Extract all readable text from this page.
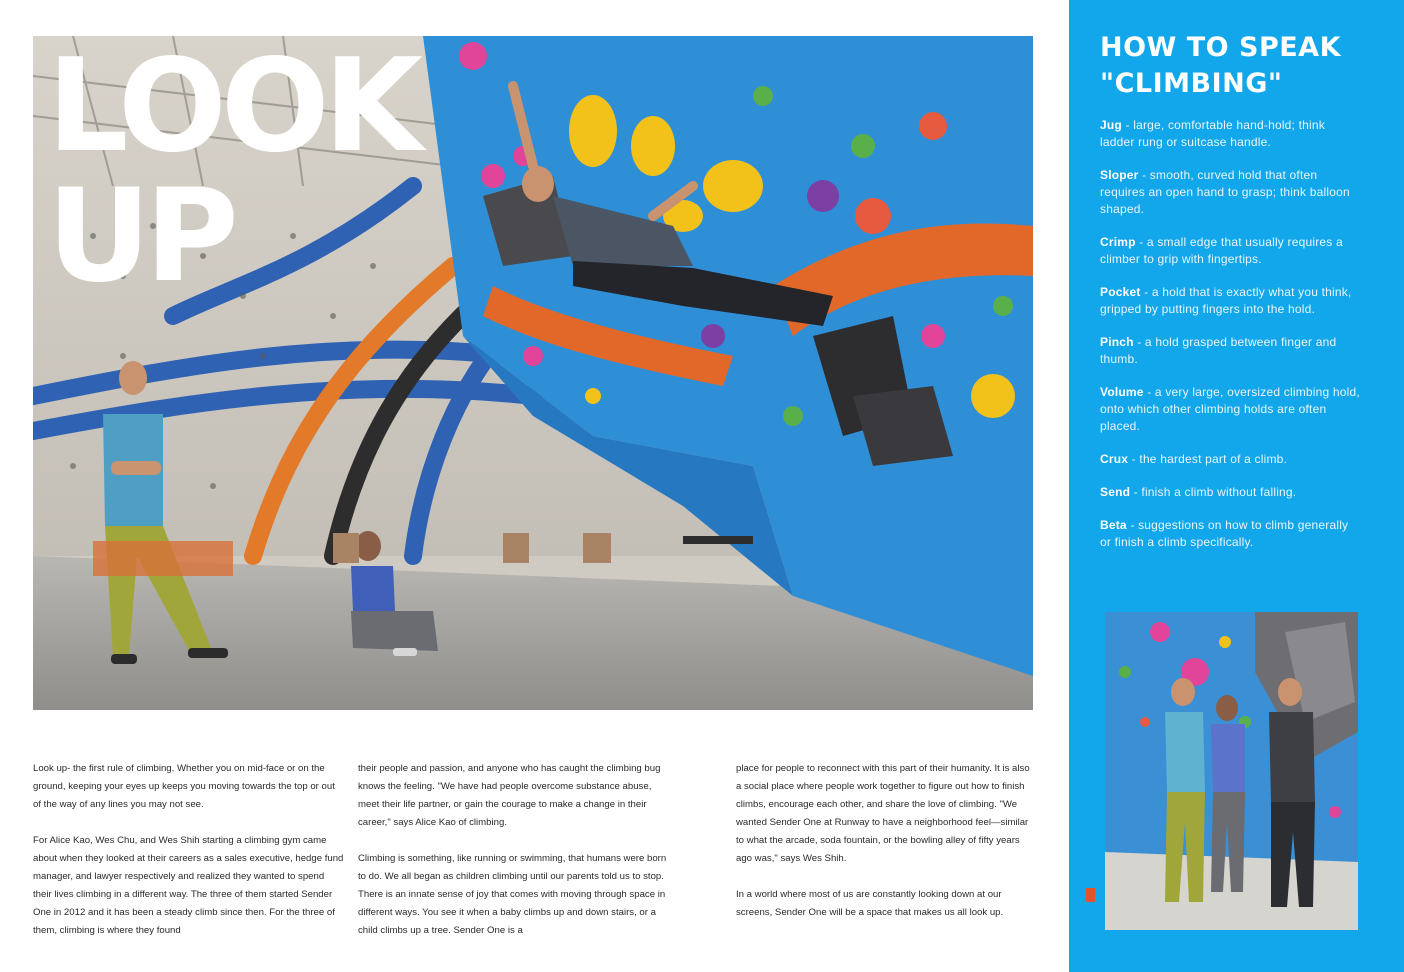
LOOK
UP

Look up- the first rule of climbing. Whether you on mid-face or on the ground, keeping your eyes up keeps you moving towards the top or out of the way of any lines you may not see.

For Alice Kao, Wes Chu, and Wes Shih starting a climbing gym came about when they looked at their careers as a sales executive, hedge fund manager, and lawyer respectively and realized they wanted to spend their lives climbing in a different way. The three of them started Sender One in 2012 and it has been a steady climb since then. For the three of them, climbing is where they found

their people and passion, and anyone who has caught the climbing bug knows the feeling. "We have had people overcome substance abuse, meet their life partner, or gain the courage to make a change in their career," says Alice Kao of climbing.

Climbing is something, like running or swimming, that humans were born to do. We all began as children climbing until our parents told us to stop. There is an innate sense of joy that comes with moving through space in different ways. You see it when a baby climbs up and down stairs, or a child climbs up a tree. Sender One is a

place for people to reconnect with this part of their humanity. It is also a social place where people work together to figure out how to finish climbs, encourage each other, and share the love of climbing. "We wanted Sender One at Runway to have a neighborhood feel—similar to what the arcade, soda fountain, or the bowling alley of fifty years ago was," says Wes Shih.

In a world where most of us are constantly looking down at our screens, Sender One will be a space that makes us all look up.

HOW TO SPEAK
"CLIMBING"
Jug - large, comfortable hand-hold; think ladder rung or suitcase handle.
Sloper - smooth, curved hold that often requires an open hand to grasp; think balloon shaped.
Crimp - a small edge that usually requires a climber to grip with fingertips.
Pocket - a hold that is exactly what you think, gripped by putting fingers into the hold.
Pinch - a hold grasped between finger and thumb.
Volume - a very large, oversized climbing hold, onto which other climbing holds are often placed.
Crux - the hardest part of a climb.
Send - finish a climb without falling.
Beta - suggestions on how to climb generally or finish a climb specifically.
